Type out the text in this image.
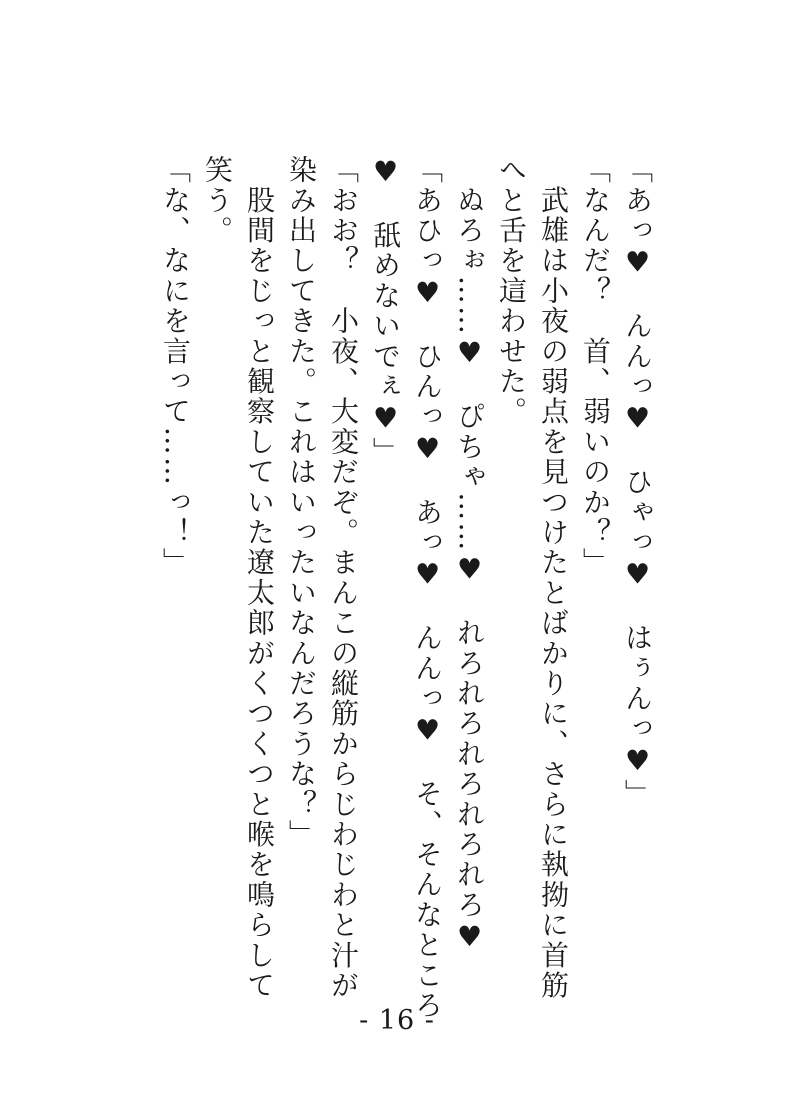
「あっ♥　んんっ♥　ひゃっ♥　はぅんっ♥」
「なんだ？　首、弱いのか？」
　武雄は小夜の弱点を見つけたとばかりに、さらに執拗に首筋
へと舌を這わせた。
　ぬろぉ……♥　ぴちゃ……♥　れろれろれろれろれろ♥
「あひっ♥　ひんっ♥　あっ♥　んんっ♥　そ、そんなところ
♥　舐めないでぇ♥」
「おお？　小夜、大変だぞ。まんこの縦筋からじわじわと汁が
染み出してきた。これはいったいなんだろうな？」
　股間をじっと観察していた遼太郎がくつくつと喉を鳴らして
笑う。
「な、なにを言って……っ！」
- 16 -
